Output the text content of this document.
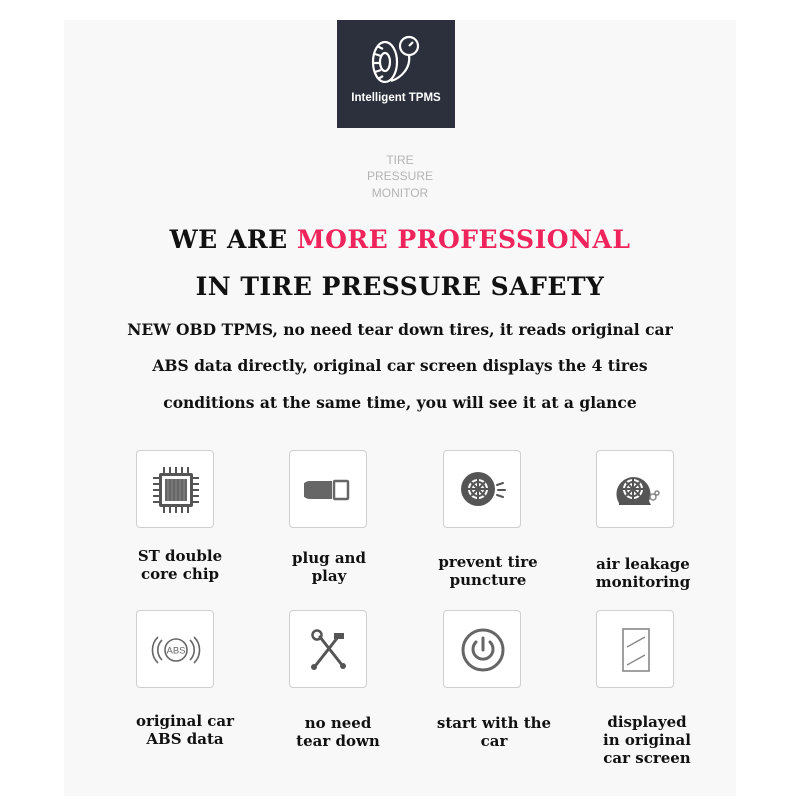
Intelligent TPMS
TIRE
PRESSURE
MONITOR
WE ARE MORE PROFESSIONAL
IN TIRE PRESSURE SAFETY
NEW OBD TPMS, no need tear down tires, it reads original car
ABS data directly, original car screen displays the 4 tires
conditions at the same time, you will see it at a glance
ST double
core chip
plug and
play
prevent tire
puncture
air leakage
monitoring
ABS
original car
ABS data
no need
tear down
start with the
car
displayed
in original
car screen
